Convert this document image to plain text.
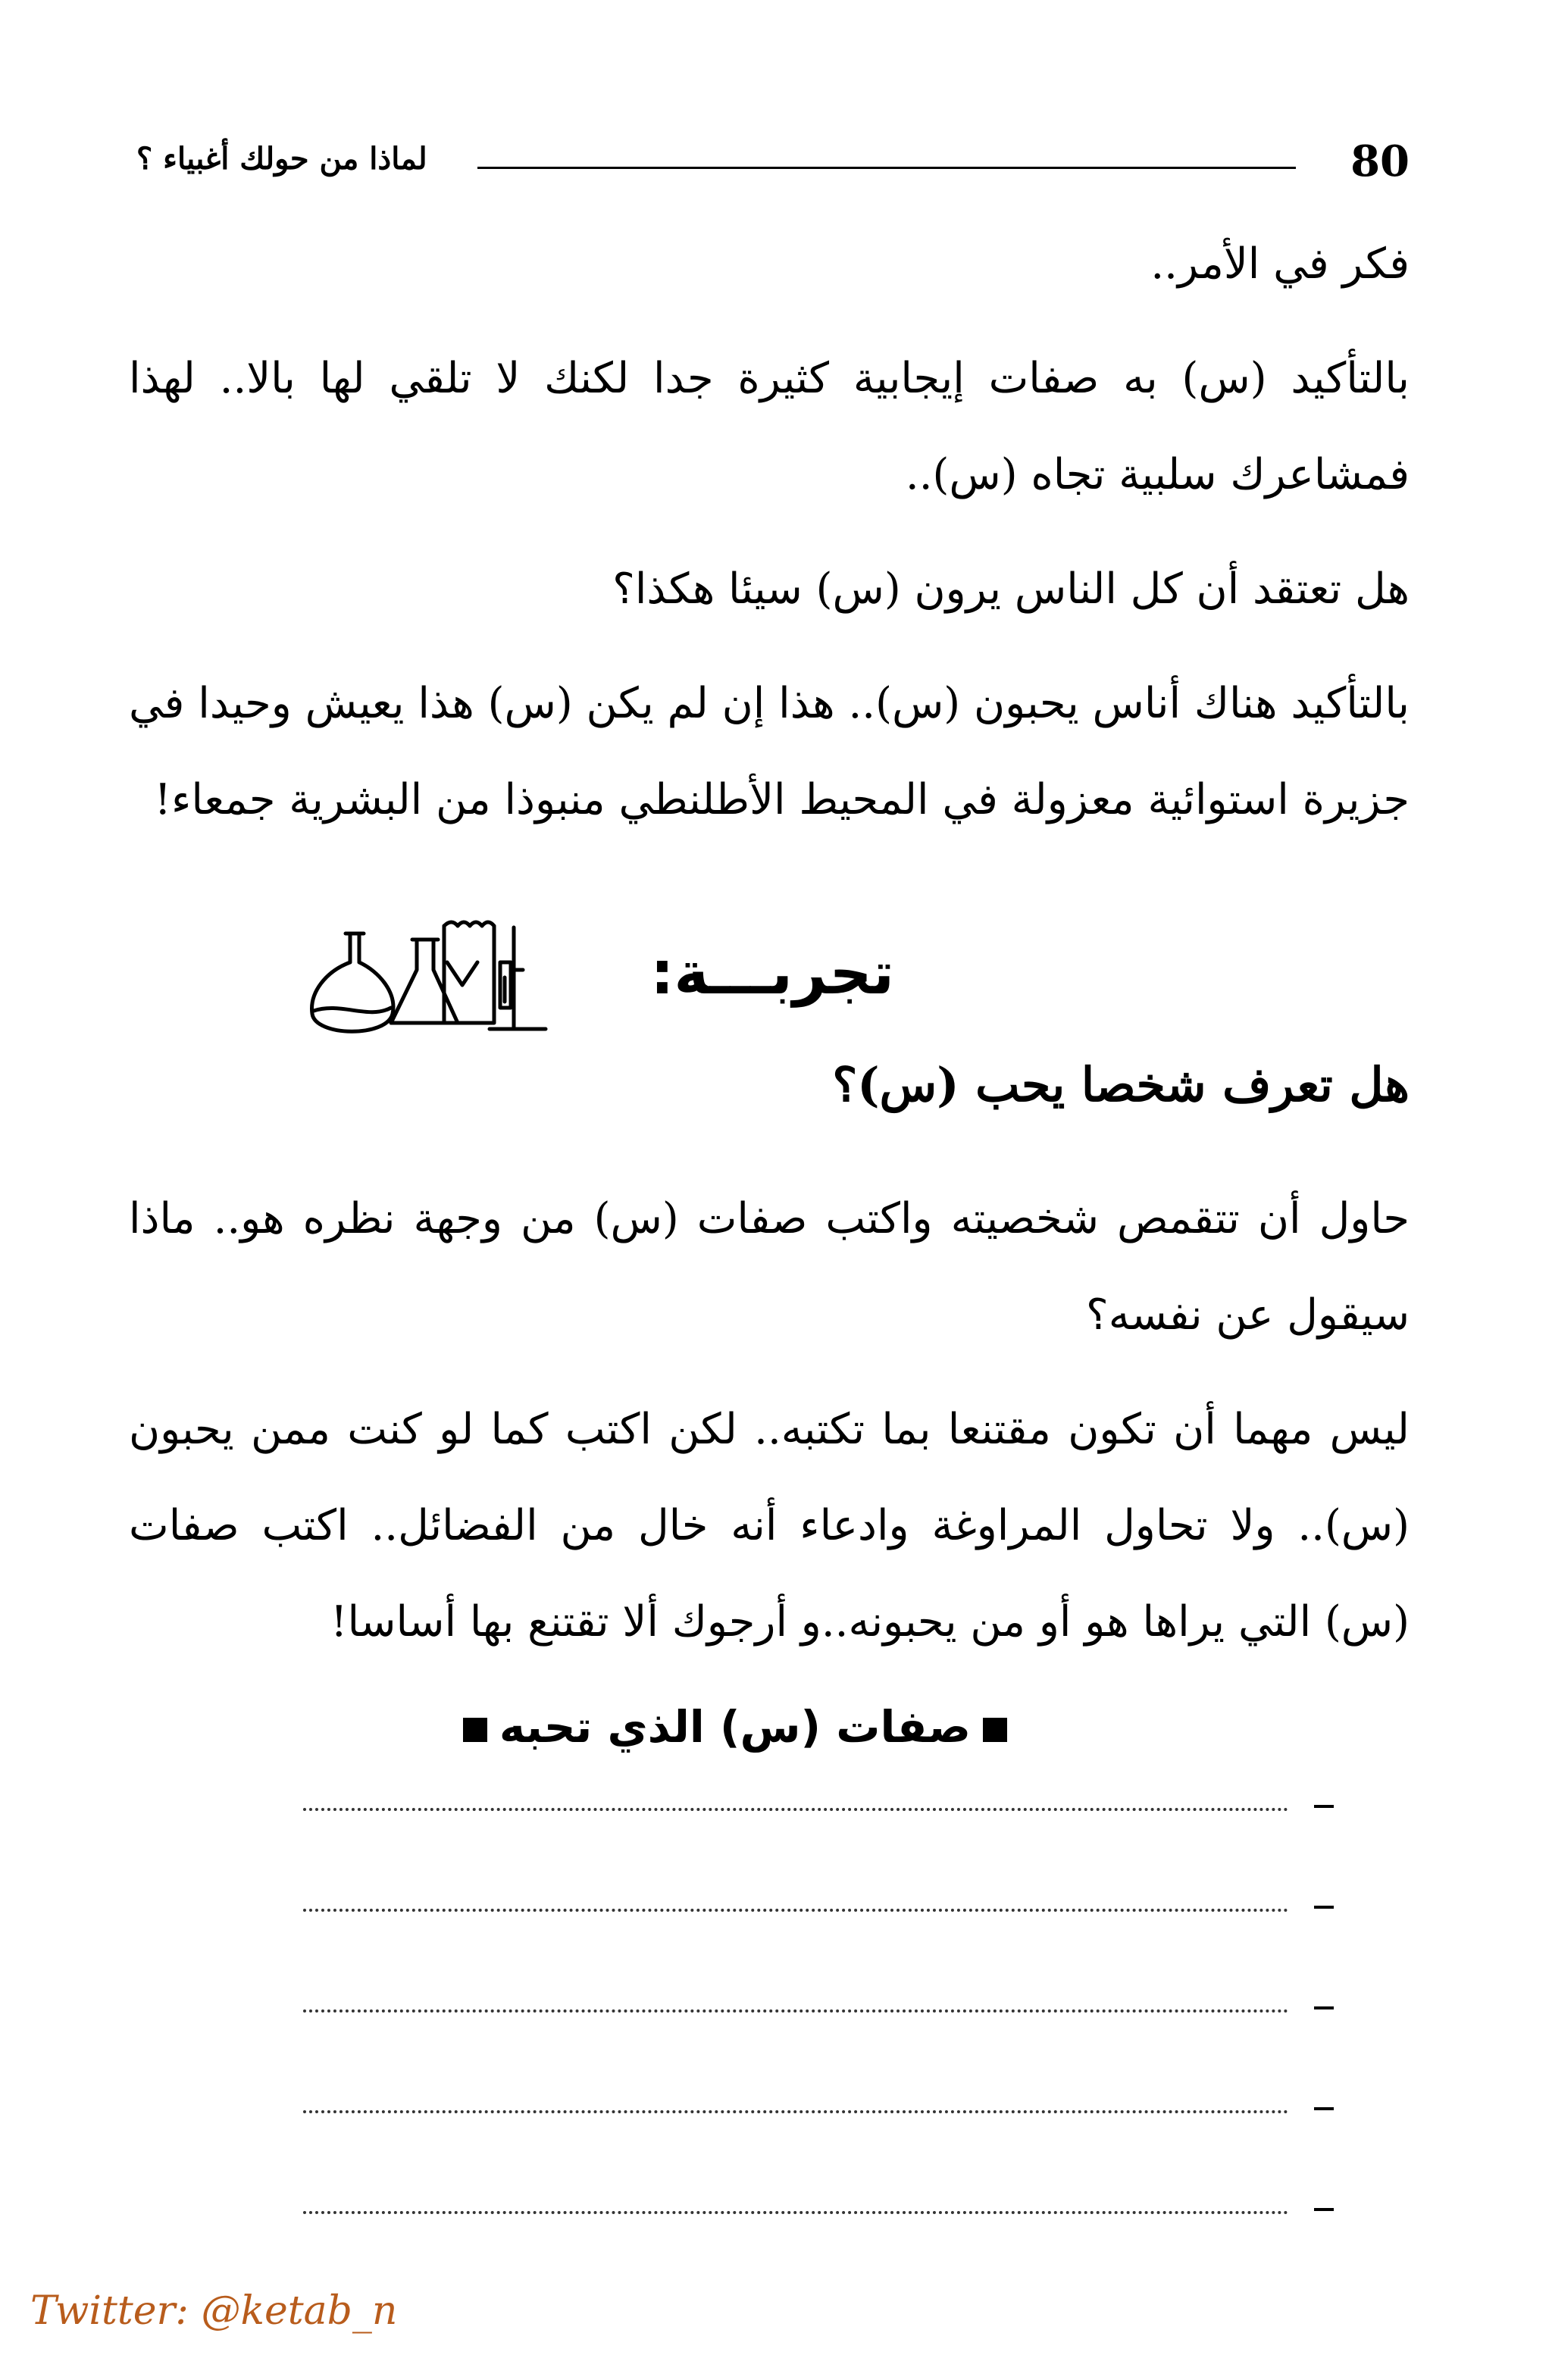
لماذا من حولك أغبياء ؟	80

فكر في الأمر..

بالتأكيد (س) به صفات إيجابية كثيرة جدا لكنك لا تلقي لها بالا.. لهذا فمشاعرك سلبية تجاه (س)..

هل تعتقد أن كل الناس يرون (س) سيئا هكذا؟

بالتأكيد هناك أناس يحبون (س).. هذا إن لم يكن (س) هذا يعيش وحيدا في جزيرة استوائية معزولة في المحيط الأطلنطي منبوذا من البشرية جمعاء!

تجربـــة:
هل تعرف شخصا يحب (س)؟

حاول أن تتقمص شخصيته واكتب صفات (س) من وجهة نظره هو.. ماذا سيقول عن نفسه؟

ليس مهما أن تكون مقتنعا بما تكتبه.. لكن اكتب كما لو كنت ممن يحبون (س).. ولا تحاول المراوغة وادعاء أنه خال من الفضائل.. اكتب صفات (س) التي يراها هو أو من يحبونه..و أرجوك ألا تقتنع بها أساسا!

صفات (س) الذي تحبه
Twitter: @ketab_n
